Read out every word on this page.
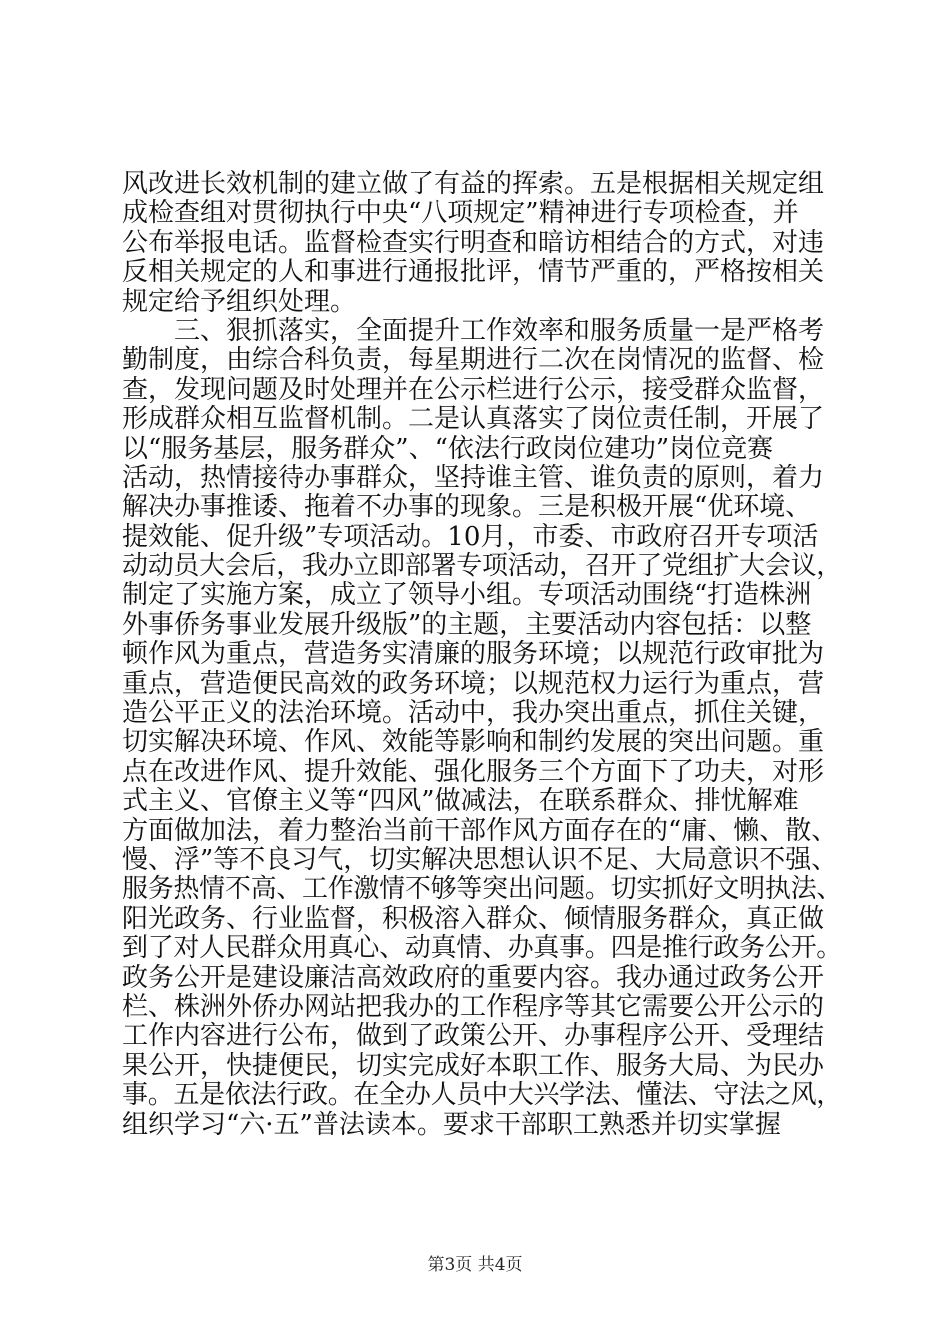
风改进长效机制的建立做了有益的挥索。五是根据相关规定组
成检查组对贯彻执行中央“八项规定”精神进行专项检查，并
公布举报电话。监督检查实行明查和暗访相结合的方式，对违
反相关规定的人和事进行通报批评，情节严重的，严格按相关
规定给予组织处理。
　　三、狠抓落实，全面提升工作效率和服务质量一是严格考
勤制度，由综合科负责，每星期进行二次在岗情况的监督、检
查，发现问题及时处理并在公示栏进行公示，接受群众监督，
形成群众相互监督机制。二是认真落实了岗位责任制，开展了
以“服务基层，服务群众”、“依法行政岗位建功”岗位竞赛
活动，热情接待办事群众，坚持谁主管、谁负责的原则，着力
解决办事推诿、拖着不办事的现象。三是积极开展“优环境、
提效能、促升级”专项活动。10月，市委、市政府召开专项活
动动员大会后，我办立即部署专项活动，召开了党组扩大会议，
制定了实施方案，成立了领导小组。专项活动围绕“打造株洲
外事侨务事业发展升级版”的主题，主要活动内容包括：以整
顿作风为重点，营造务实清廉的服务环境；以规范行政审批为
重点，营造便民高效的政务环境；以规范权力运行为重点，营
造公平正义的法治环境。活动中，我办突出重点，抓住关键，
切实解决环境、作风、效能等影响和制约发展的突出问题。重
点在改进作风、提升效能、强化服务三个方面下了功夫，对形
式主义、官僚主义等“四风”做减法，在联系群众、排忧解难
方面做加法，着力整治当前干部作风方面存在的“庸、懒、散、
慢、浮”等不良习气，切实解决思想认识不足、大局意识不强、
服务热情不高、工作激情不够等突出问题。切实抓好文明执法、
阳光政务、行业监督，积极溶入群众、倾情服务群众，真正做
到了对人民群众用真心、动真情、办真事。四是推行政务公开。
政务公开是建设廉洁高效政府的重要内容。我办通过政务公开
栏、株洲外侨办网站把我办的工作程序等其它需要公开公示的
工作内容进行公布，做到了政策公开、办事程序公开、受理结
果公开，快捷便民，切实完成好本职工作、服务大局、为民办
事。五是依法行政。在全办人员中大兴学法、懂法、守法之风，
组织学习“六·五”普法读本。要求干部职工熟悉并切实掌握
第3页 共4页
